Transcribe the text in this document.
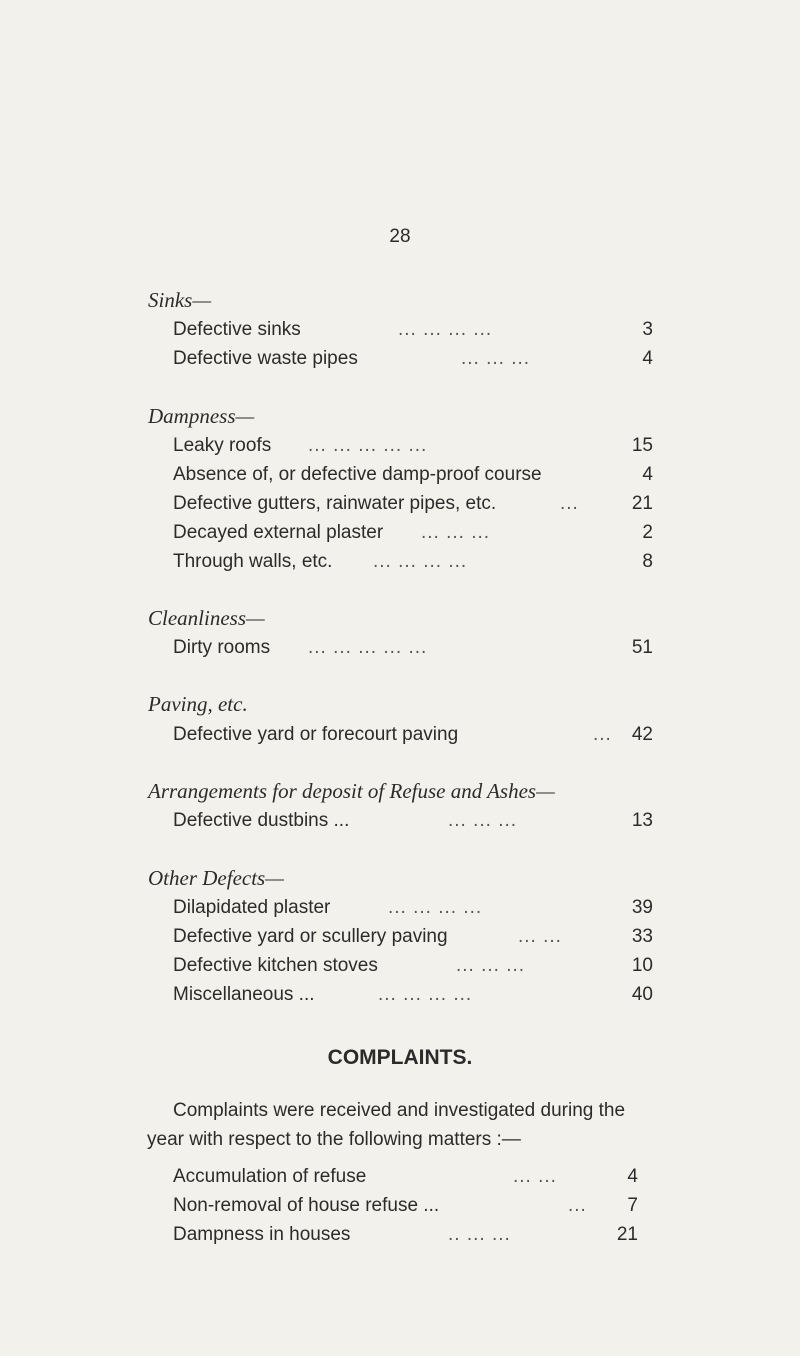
28
Sinks—
Defective sinks	... ... ... ...	3
Defective waste pipes	... ... ...	4
Dampness—
Leaky roofs ... ... ... ... ...	15
Absence of, or defective damp-proof course	4
Defective gutters, rainwater pipes, etc.	...	21
Decayed external plaster ... ... ...	2
Through walls, etc. ... ... ... ...	8
Cleanliness—
Dirty rooms ... ... ... ... ...	51
Paving, etc.
Defective yard or forecourt paving	... 42
Arrangements for deposit of Refuse and Ashes—
Defective dustbins ...	... ... ...	13
Other Defects—
Dilapidated plaster	... ... ... ...	39
Defective yard or scullery paving	... ...	33
Defective kitchen stoves	... ... ...	10
Miscellaneous ...	... ... ... ...	40
COMPLAINTS.
Complaints were received and investigated during the
year with respect to the following matters :—
Accumulation of refuse	... ...	4
Non-removal of house refuse ...	... 7
Dampness in houses	.. ... ...	21
